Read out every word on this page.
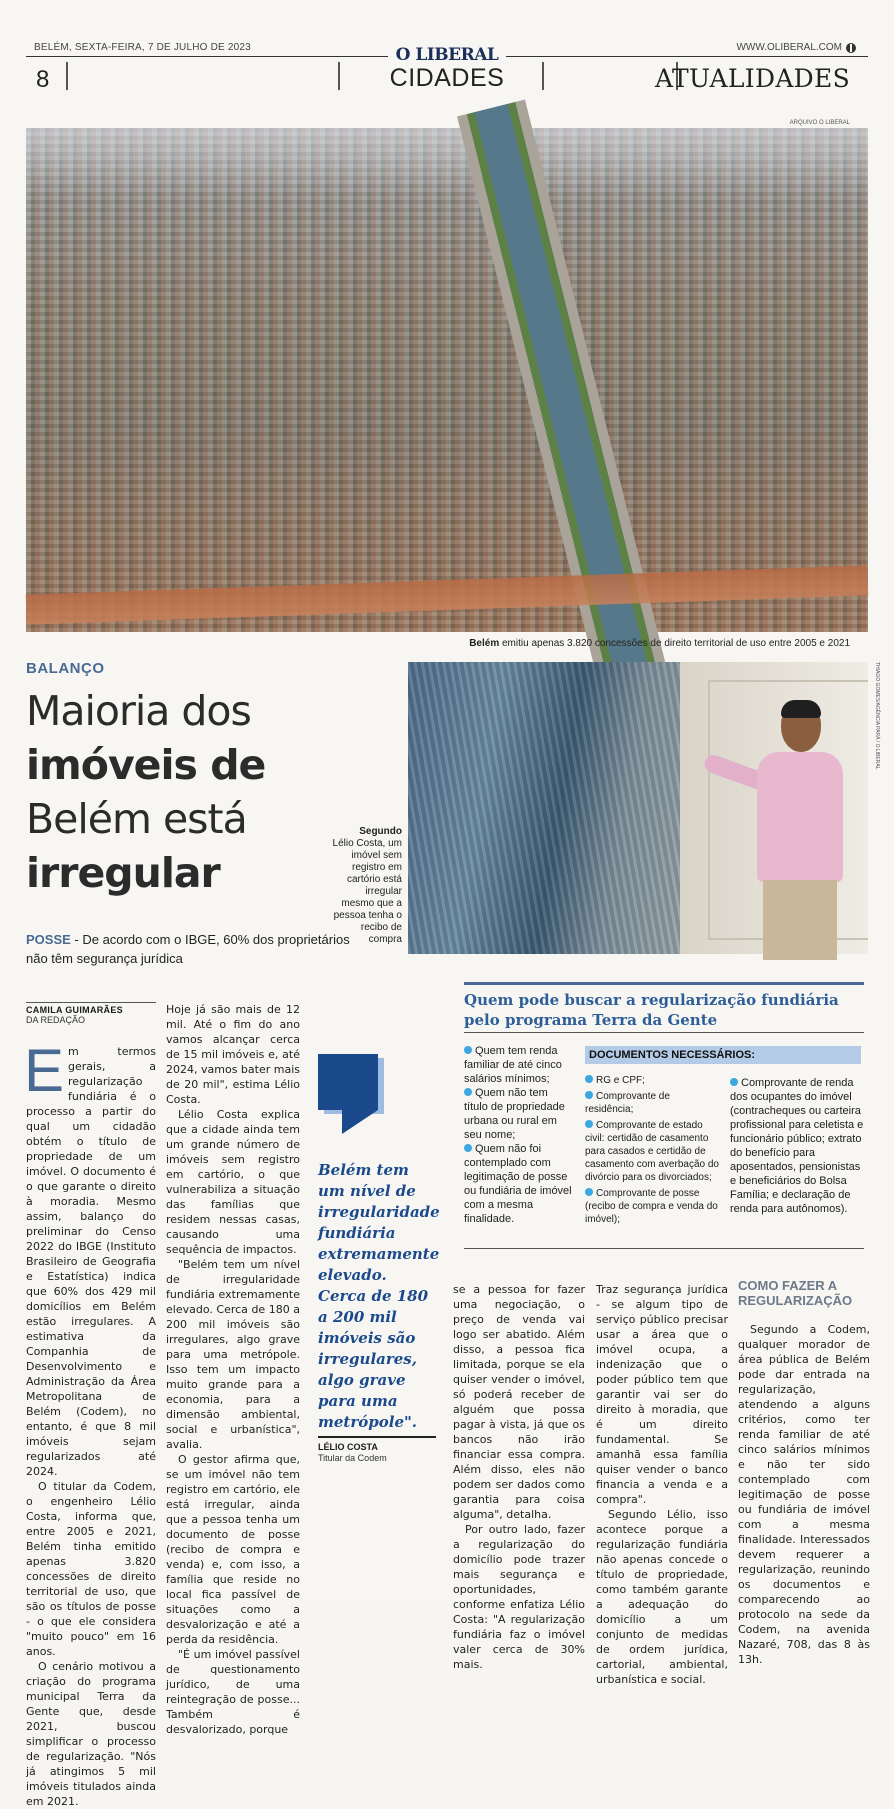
BELÉM, SEXTA-FEIRA, 7 DE JULHO DE 2023	O LIBERAL	WWW.OLIBERAL.COM
8	CIDADES	ATUALIDADES
ARQUIVO O LIBERAL
Belém emitiu apenas 3.820 concessões de direito territorial de uso entre 2005 e 2021
BALANÇO
Maioria dos
imóveis de
Belém está
irregular
POSSE - De acordo com o IBGE, 60% dos proprietários não têm segurança jurídica
Segundo
Lélio Costa, um imóvel sem registro em cartório está irregular mesmo que a pessoa tenha o recibo de compra
THIAGO GOMES/AGÊNCIA PARÁ / O LIBERAL
CAMILA GUIMARÃES
DA REDAÇÃO

Em termos gerais, a regularização fundiária é o processo a partir do qual um cidadão obtém o título de propriedade de um imóvel. O documento é o que garante o direito à moradia. Mesmo assim, balanço do preliminar do Censo 2022 do IBGE (Instituto Brasileiro de Geografia e Estatística) indica que 60% dos 429 mil domicílios em Belém estão irregulares. A estimativa da Companhia de Desenvolvimento e Administração da Área Metropolitana de Belém (Codem), no entanto, é que 8 mil imóveis sejam regularizados até 2024.

O titular da Codem, o engenheiro Lélio Costa, informa que, entre 2005 e 2021, Belém tinha emitido apenas 3.820 concessões de direito territorial de uso, que são os títulos de posse - o que ele considera "muito pouco" em 16 anos.

O cenário motivou a criação do programa municipal Terra da Gente que, desde 2021, buscou simplificar o processo de regularização. "Nós já atingimos 5 mil imóveis titulados ainda em 2021.

Hoje já são mais de 12 mil. Até o fim do ano vamos alcançar cerca de 15 mil imóveis e, até 2024, vamos bater mais de 20 mil", estima Lélio Costa.

Lélio Costa explica que a cidade ainda tem um grande número de imóveis sem registro em cartório, o que vulnerabiliza a situação das famílias que residem nessas casas, causando uma sequência de impactos.

"Belém tem um nível de irregularidade fundiária extremamente elevado. Cerca de 180 a 200 mil imóveis são irregulares, algo grave para uma metrópole. Isso tem um impacto muito grande para a economia, para a dimensão ambiental, social e urbanística", avalia.

O gestor afirma que, se um imóvel não tem registro em cartório, ele está irregular, ainda que a pessoa tenha um documento de posse (recibo de compra e venda) e, com isso, a família que reside no local fica passível de situações como a desvalorização e até a perda da residência.

"É um imóvel passível de questionamento jurídico, de uma reintegração de posse... Também é desvalorizado, porque

Belém tem um nível de irregularidade fundiária extremamente elevado. Cerca de 180 a 200 mil imóveis são irregulares, algo grave para uma metrópole".
LÉLIO COSTA
Titular da Codem
Quem pode buscar a regularização fundiária pelo programa Terra da Gente
Quem tem renda familiar de até cinco salários mínimos;
Quem não tem título de propriedade urbana ou rural em seu nome;
Quem não foi contemplado com legitimação de posse ou fundiária de imóvel com a mesma finalidade.
DOCUMENTOS NECESSÁRIOS:
RG e CPF;
Comprovante de residência;
Comprovante de estado civil: certidão de casamento para casados e certidão de casamento com averbação do divórcio para os divorciados;
Comprovante de posse (recibo de compra e venda do imóvel);
Comprovante de renda dos ocupantes do imóvel (contracheques ou carteira profissional para celetista e funcionário público; extrato do benefício para aposentados, pensionistas e beneficiários do Bolsa Família; e declaração de renda para autônomos).

se a pessoa for fazer uma negociação, o preço de venda vai logo ser abatido. Além disso, a pessoa fica limitada, porque se ela quiser vender o imóvel, só poderá receber de alguém que possa pagar à vista, já que os bancos não irão financiar essa compra. Além disso, eles não podem ser dados como garantia para coisa alguma", detalha.

Por outro lado, fazer a regularização do domicílio pode trazer mais segurança e oportunidades, conforme enfatiza Lélio Costa: "A regularização fundiária faz o imóvel valer cerca de 30% mais.

Traz segurança jurídica - se algum tipo de serviço público precisar usar a área que o imóvel ocupa, a indenização que o poder público tem que garantir vai ser do direito à moradia, que é um direito fundamental. Se amanhã essa família quiser vender o banco financia a venda e a compra".

Segundo Lélio, isso acontece porque a regularização fundiária não apenas concede o título de propriedade, como também garante a adequação do domicílio a um conjunto de medidas de ordem jurídica, cartorial, ambiental, urbanística e social.

COMO FAZER A REGULARIZAÇÃO

Segundo a Codem, qualquer morador de área pública de Belém pode dar entrada na regularização, atendendo a alguns critérios, como ter renda familiar de até cinco salários mínimos e não ter sido contemplado com legitimação de posse ou fundiária de imóvel com a mesma finalidade. Interessados devem requerer a regularização, reunindo os documentos e comparecendo ao protocolo na sede da Codem, na avenida Nazaré, 708, das 8 às 13h.
